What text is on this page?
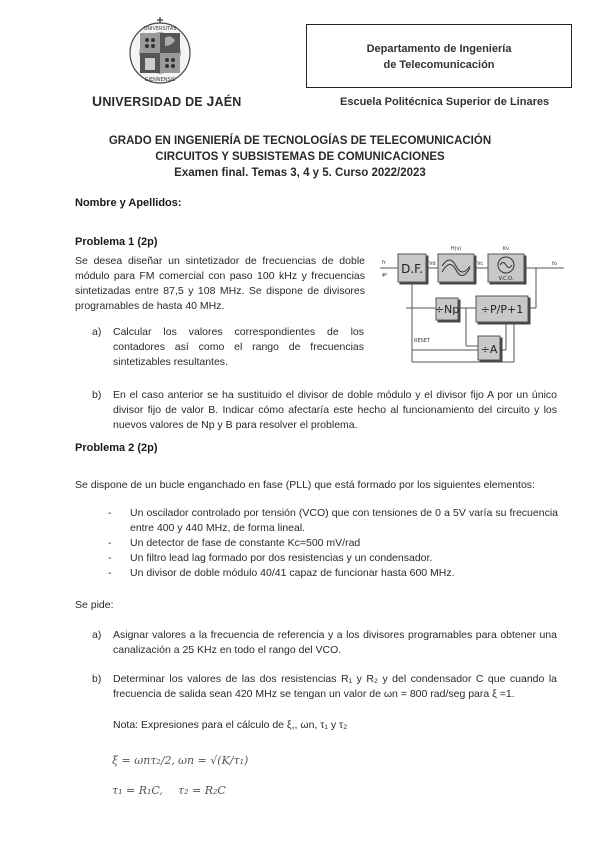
UNIVERSITAS
GIENNENSIS
UNIVERSIDAD DE JAÉN
Departamento de Ingeniería
de Telecomunicación
Escuela Politécnica Superior de Linares
GRADO EN INGENIERÍA DE TECNOLOGÍAS DE TELECOMUNICACIÓN
CIRCUITOS Y SUBSISTEMAS DE COMUNICACIONES
Examen final. Temas 3, 4 y 5. Curso 2022/2023
Nombre y Apellidos:
Problema 1 (2p)
Se desea diseñar un sintetizador de frecuencias de doble módulo para FM comercial con paso 100 kHz y frecuencias sintetizadas entre 87,5 y 108 MHz. Se dispone de divisores programables de hasta 40 MHz.
a) Calcular los valores correspondientes de los contadores así como el rango de frecuencias sintetizables resultantes.
D.F.
V.C.O.
H(s)
÷Np ÷P/P+1
÷A
fr
φr
Vd	Vc
Kv
fo
RESET
b) En el caso anterior se ha sustituido el divisor de doble módulo y el divisor fijo A por un único divisor fijo de valor B. Indicar cómo afectaría este hecho al funcionamiento del circuito y los nuevos valores de Np y B para resolver el problema.
Problema 2 (2p)
Se dispone de un bucle enganchado en fase (PLL) que está formado por los siguientes elementos:
- Un oscilador controlado por tensión (VCO) que con tensiones de 0 a 5V varía su frecuencia entre 400 y 440 MHz, de forma lineal.
- Un detector de fase de constante Kc=500 mV/rad
- Un filtro lead lag formado por dos resistencias y un condensador.
- Un divisor de doble módulo 40/41 capaz de funcionar hasta 600 MHz.
Se pide:
a) Asignar valores a la frecuencia de referencia y a los divisores programables para obtener una canalización a 25 KHz en todo el rango del VCO.
b) Determinar los valores de las dos resistencias R₁ y R₂ y del condensador C que cuando la frecuencia de salida sean 420 MHz se tengan un valor de ωn = 800 rad/seg para ξ =1.
Nota: Expresiones para el cálculo de ξ,, ωn, τ₁ y τ₂
ξ = ωnτ₂/2, ωn = √(K/τ₁)
τ₁ = R₁C, τ₂ = R₂C
